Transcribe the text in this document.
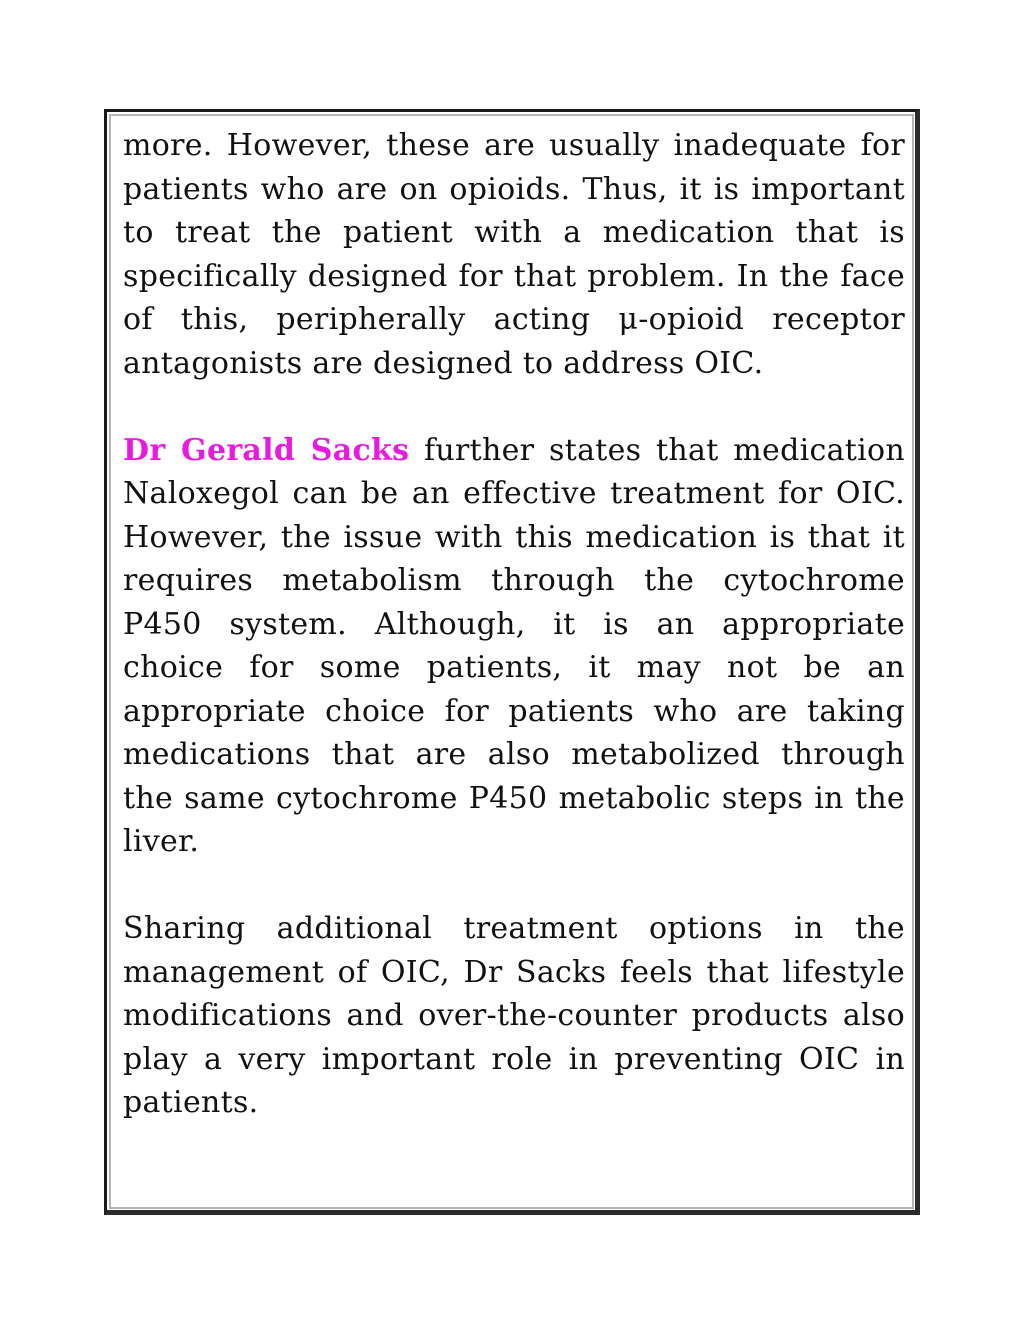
more. However, these are usually inadequate for patients who are on opioids. Thus, it is important to treat the patient with a medication that is specifically designed for that problem. In the face of this, peripherally acting μ-opioid receptor antagonists are designed to address OIC.

Dr Gerald Sacks further states that medication Naloxegol can be an effective treatment for OIC. However, the issue with this medication is that it requires metabolism through the cytochrome P450 system. Although, it is an appropriate choice for some patients, it may not be an appropriate choice for patients who are taking medications that are also metabolized through the same cytochrome P450 metabolic steps in the liver.

Sharing additional treatment options in the management of OIC, Dr Sacks feels that lifestyle modifications and over-the-counter products also play a very important role in preventing OIC in patients.
